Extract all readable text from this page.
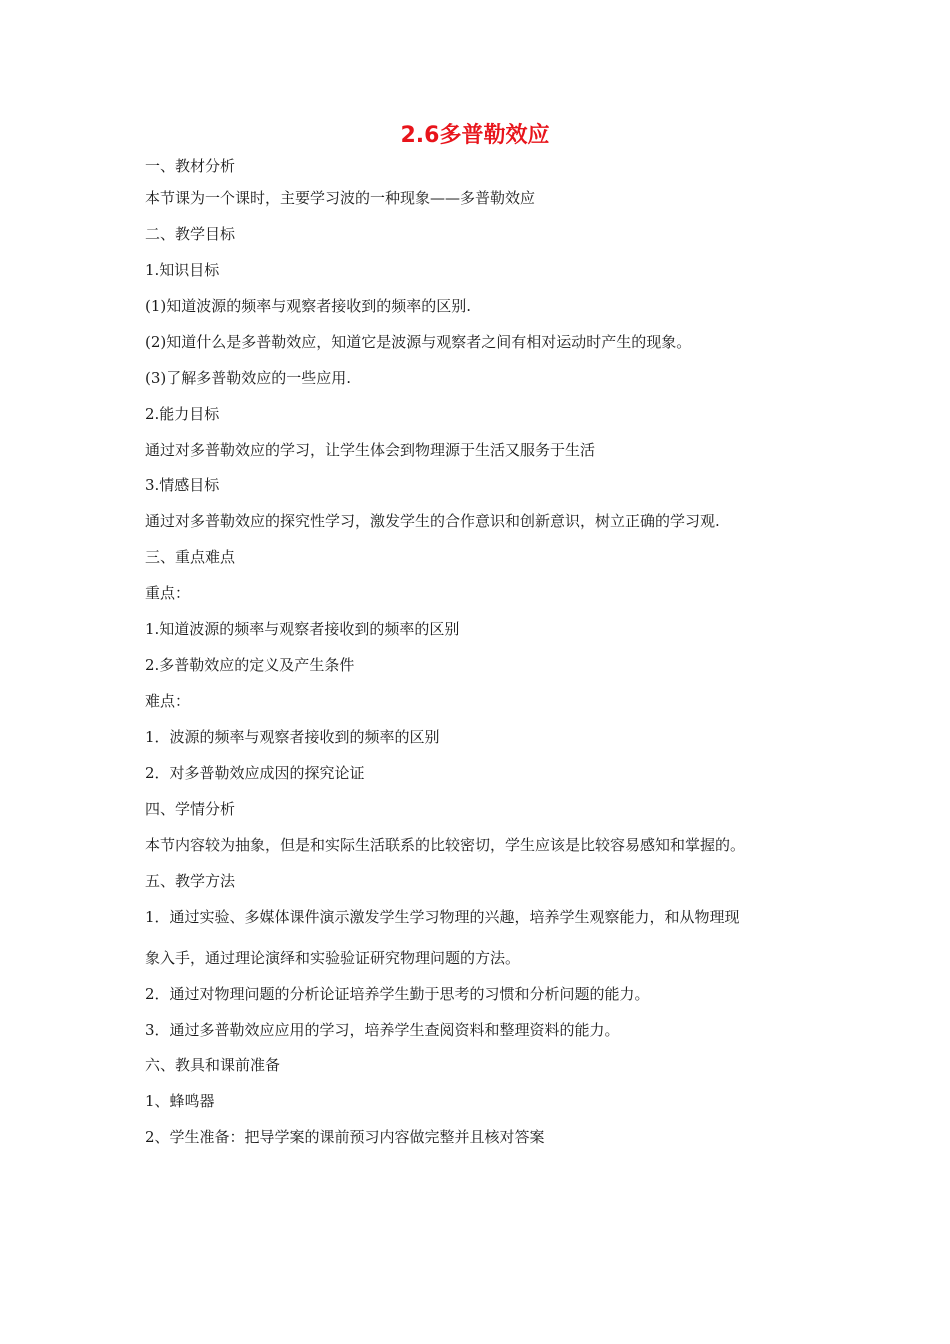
2.6多普勒效应

一、教材分析

本节课为一个课时，主要学习波的一种现象——多普勒效应

二、教学目标

1.知识目标

(1)知道波源的频率与观察者接收到的频率的区别.

(2)知道什么是多普勒效应，知道它是波源与观察者之间有相对运动时产生的现象。

(3)了解多普勒效应的一些应用.

2.能力目标

通过对多普勒效应的学习，让学生体会到物理源于生活又服务于生活

3.情感目标

通过对多普勒效应的探究性学习，激发学生的合作意识和创新意识，树立正确的学习观.

三、重点难点

重点：

1.知道波源的频率与观察者接收到的频率的区别

2.多普勒效应的定义及产生条件

难点：

1．波源的频率与观察者接收到的频率的区别

2．对多普勒效应成因的探究论证

四、学情分析

本节内容较为抽象，但是和实际生活联系的比较密切，学生应该是比较容易感知和掌握的。

五、教学方法

1．通过实验、多媒体课件演示激发学生学习物理的兴趣，培养学生观察能力，和从物理现

象入手，通过理论演绎和实验验证研究物理问题的方法。

2．通过对物理问题的分析论证培养学生勤于思考的习惯和分析问题的能力。

3．通过多普勒效应应用的学习，培养学生查阅资料和整理资料的能力。

六、教具和课前准备

1、蜂鸣器

2、学生准备：把导学案的课前预习内容做完整并且核对答案
